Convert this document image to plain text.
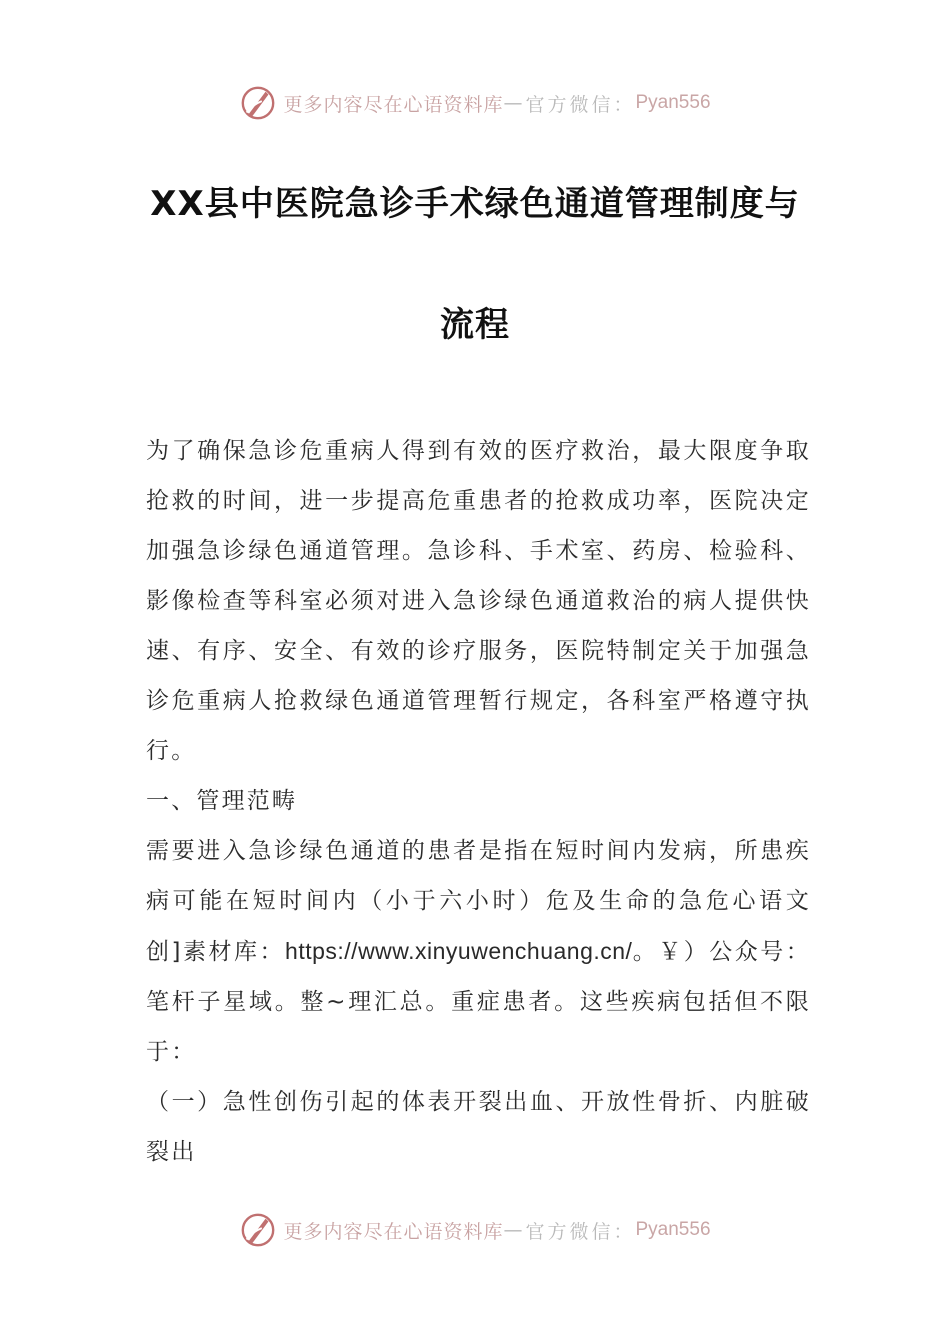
更多内容尽在心语资料库 — 官方微信： Pyan556
XX县中医院急诊手术绿色通道管理制度与
流程

为了确保急诊危重病人得到有效的医疗救治，最大限度争取抢救的时间，进一步提高危重患者的抢救成功率，医院决定加强急诊绿色通道管理。急诊科、手术室、药房、检验科、影像检查等科室必须对进入急诊绿色通道救治的病人提供快速、有序、安全、有效的诊疗服务，医院特制定关于加强急诊危重病人抢救绿色通道管理暂行规定，各科室严格遵守执行。

一、管理范畴

需要进入急诊绿色通道的患者是指在短时间内发病，所患疾病可能在短时间内（小于六小时）危及生命的急危心语文创]素材库：https://www.xinyuwenchuang.cn/。￥）公众号：笔杆子星域。整~理汇总。重症患者。这些疾病包括但不限于：

（一）急性创伤引起的体表开裂出血、开放性骨折、内脏破裂出

更多内容尽在心语资料库 — 官方微信： Pyan556
